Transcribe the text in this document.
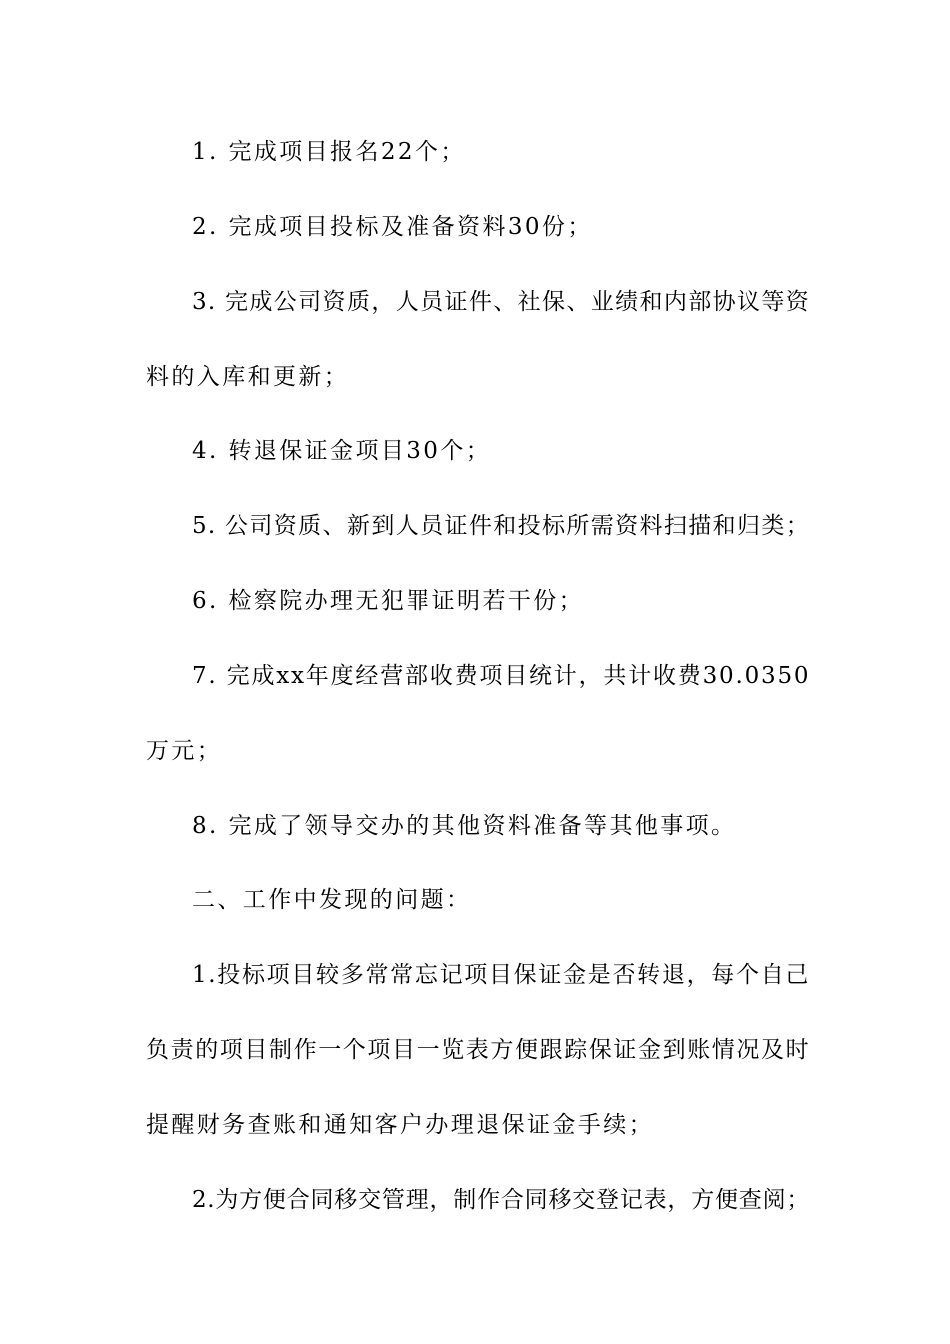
1. 完成项目报名22个；
2. 完成项目投标及准备资料30份；
3. 完成公司资质，人员证件、社保、业绩和内部协议等资
料的入库和更新；
4. 转退保证金项目30个；
5. 公司资质、新到人员证件和投标所需资料扫描和归类；
6. 检察院办理无犯罪证明若干份；
7. 完成xx年度经营部收费项目统计，共计收费30.0350
万元；
8. 完成了领导交办的其他资料准备等其他事项。
二、工作中发现的问题：
1.投标项目较多常常忘记项目保证金是否转退，每个自己
负责的项目制作一个项目一览表方便跟踪保证金到账情况及时
提醒财务查账和通知客户办理退保证金手续；
2.为方便合同移交管理，制作合同移交登记表，方便查阅；
